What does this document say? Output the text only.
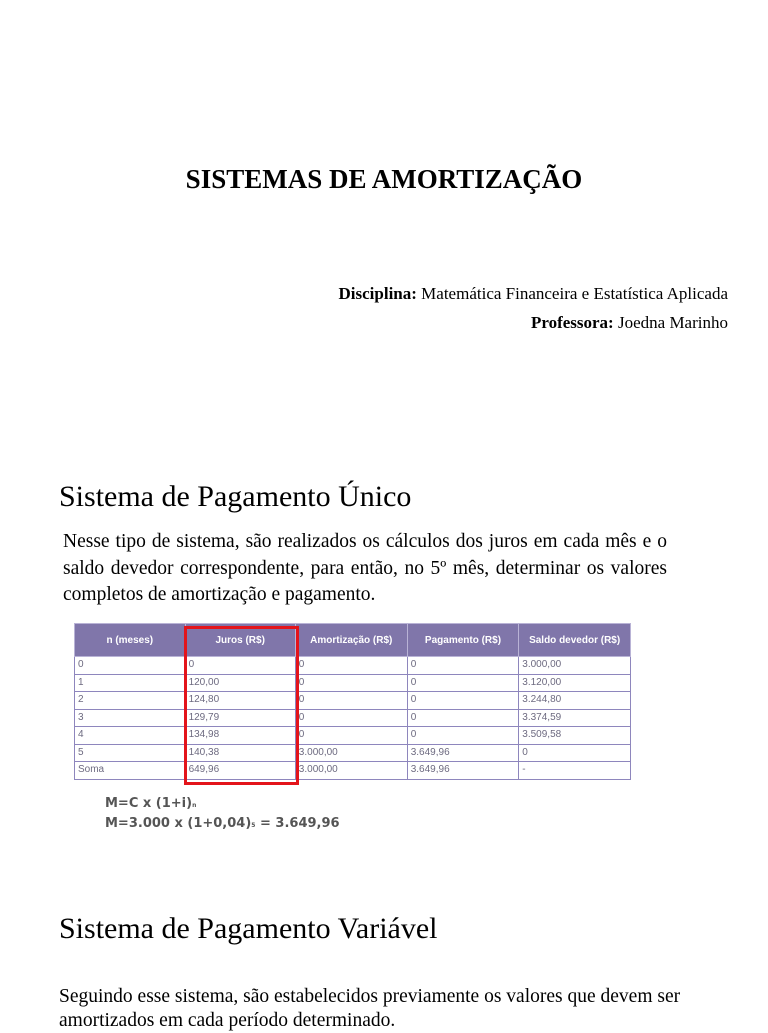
SISTEMAS DE AMORTIZAÇÃO
Disciplina: Matemática Financeira e Estatística Aplicada
Professora: Joedna Marinho
Sistema de Pagamento Único

Nesse tipo de sistema, são realizados os cálculos dos juros em cada mês e o saldo devedor correspondente, para então, no 5º mês, determinar os valores completos de amortização e pagamento.

n (meses)	Juros (R$)	Amortização (R$)	Pagamento (R$)	Saldo devedor (R$)
0	0	0	0	3.000,00
1	120,00	0	0	3.120,00
2	124,80	0	0	3.244,80
3	129,79	0	0	3.374,59
4	134,98	0	0	3.509,58
5	140,38	3.000,00	3.649,96	0
Soma	649,96	3.000,00	3.649,96	-
M=C x (1+i)n
M=3.000 x (1+0,04)5 = 3.649,96
Sistema de Pagamento Variável

Seguindo esse sistema, são estabelecidos previamente os valores que devem ser amortizados em cada período determinado.
